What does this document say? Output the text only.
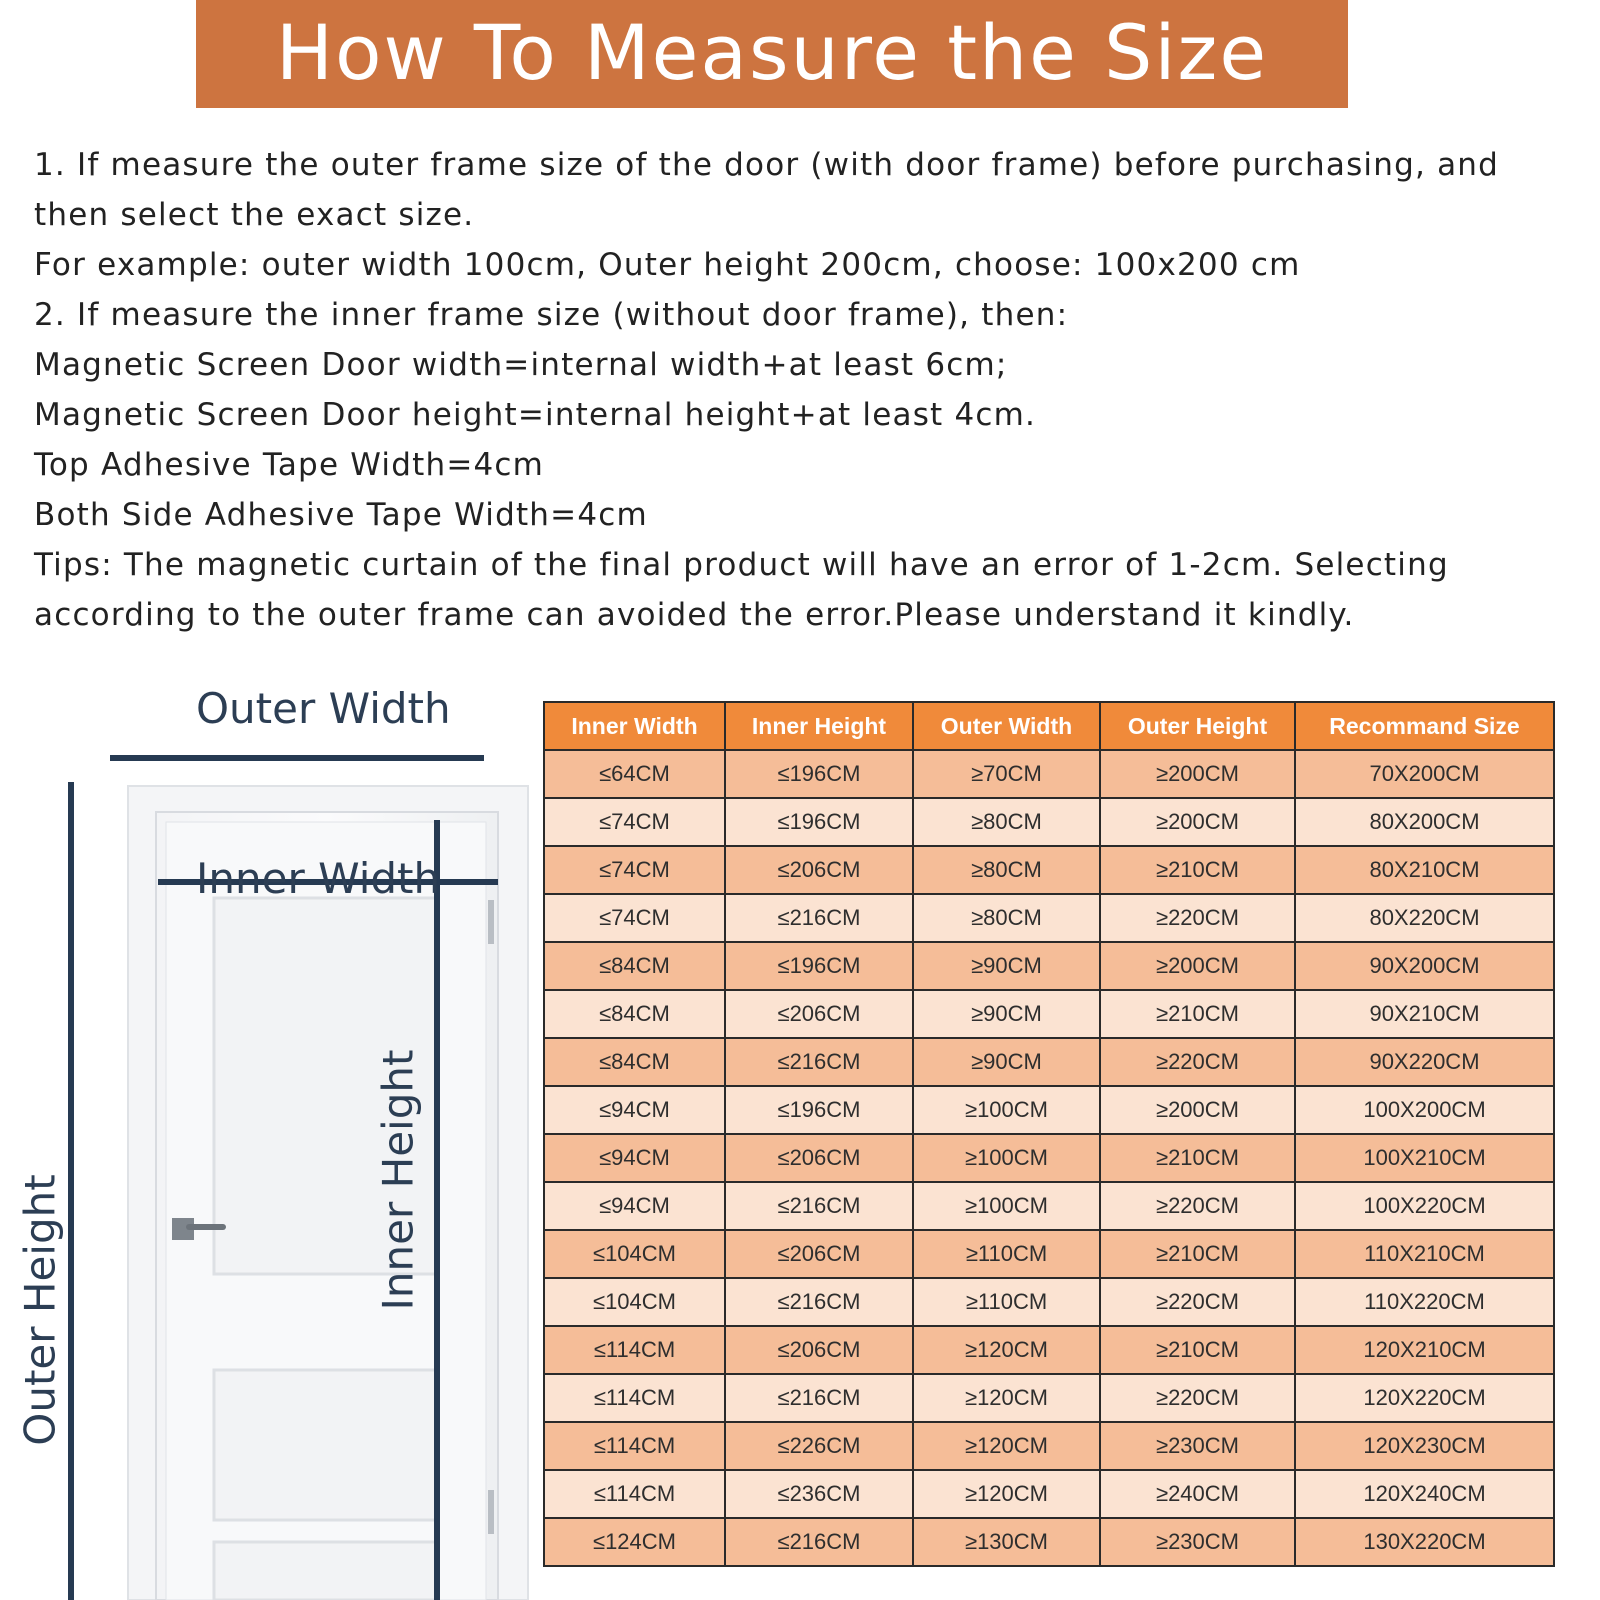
How To Measure the Size

1. If measure the outer frame size of the door (with door frame) before purchasing, and

then select the exact size.

For example: outer width 100cm, Outer height 200cm, choose: 100x200 cm

2. If measure the inner frame size (without door frame), then:

Magnetic Screen Door width=internal width+at least 6cm;

Magnetic Screen Door height=internal height+at least 4cm.

Top Adhesive Tape Width=4cm

Both Side Adhesive Tape Width=4cm

Tips: The magnetic curtain of the final product will have an error of 1-2cm. Selecting

according to the outer frame can avoided the error.Please understand it kindly.

Outer Width
Inner Width
Outer Height	Inner Height
Inner Width	Inner Height	Outer Width	Outer Height	Recommand Size
≤64CM	≤196CM	≥70CM	≥200CM	70X200CM
≤74CM	≤196CM	≥80CM	≥200CM	80X200CM
≤74CM	≤206CM	≥80CM	≥210CM	80X210CM
≤74CM	≤216CM	≥80CM	≥220CM	80X220CM
≤84CM	≤196CM	≥90CM	≥200CM	90X200CM
≤84CM	≤206CM	≥90CM	≥210CM	90X210CM
≤84CM	≤216CM	≥90CM	≥220CM	90X220CM
≤94CM	≤196CM	≥100CM	≥200CM	100X200CM
≤94CM	≤206CM	≥100CM	≥210CM	100X210CM
≤94CM	≤216CM	≥100CM	≥220CM	100X220CM
≤104CM	≤206CM	≥110CM	≥210CM	110X210CM
≤104CM	≤216CM	≥110CM	≥220CM	110X220CM
≤114CM	≤206CM	≥120CM	≥210CM	120X210CM
≤114CM	≤216CM	≥120CM	≥220CM	120X220CM
≤114CM	≤226CM	≥120CM	≥230CM	120X230CM
≤114CM	≤236CM	≥120CM	≥240CM	120X240CM
≤124CM	≤216CM	≥130CM	≥230CM	130X220CM
